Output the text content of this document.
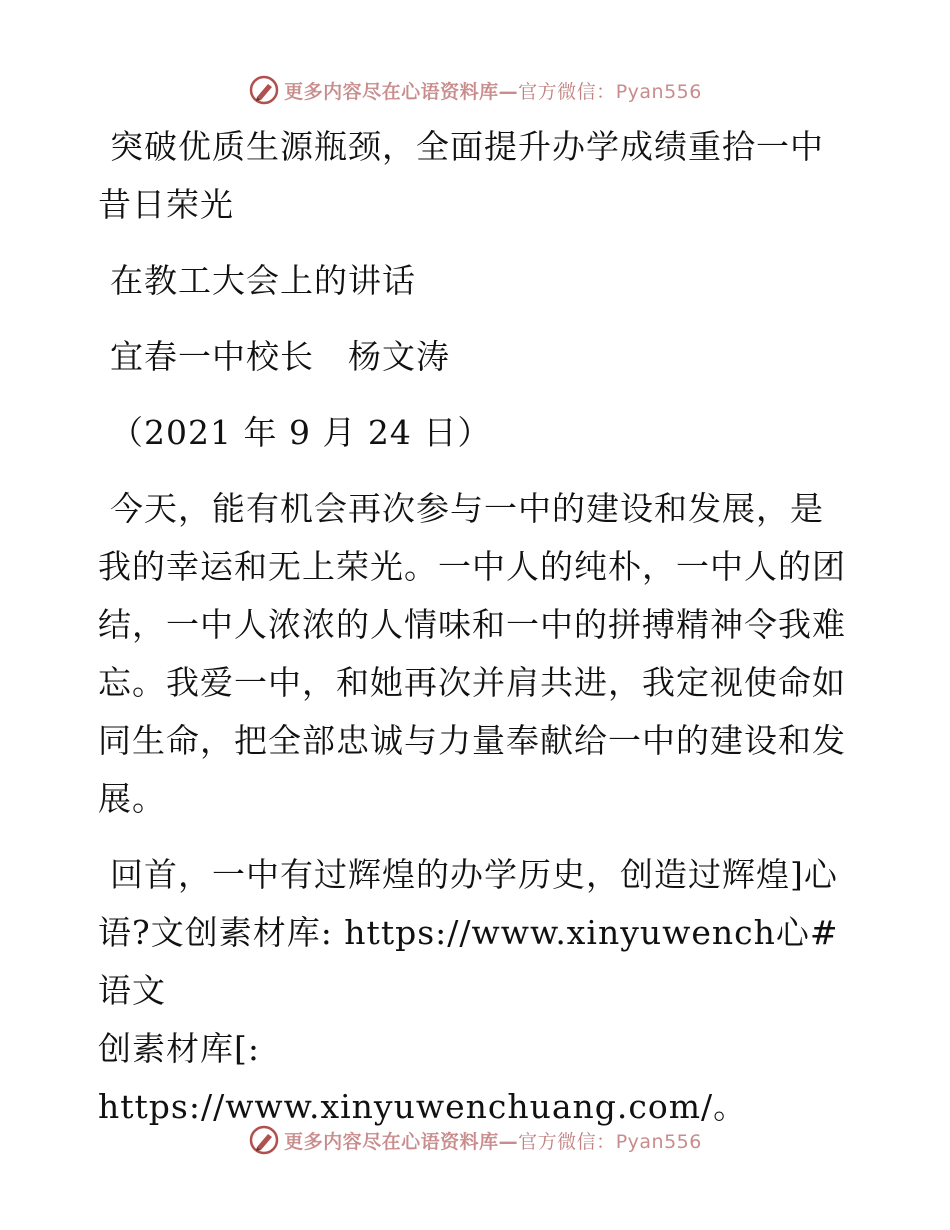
更多内容尽在心语资料库—官方微信：Pyan556
突破优质生源瓶颈，全面提升办学成绩重拾一中
昔日荣光
在教工大会上的讲话
宜春一中校长　杨文涛
（2021 年 9 月 24 日）
今天，能有机会再次参与一中的建设和发展，是
我的幸运和无上荣光。一中人的纯朴，一中人的团
结，一中人浓浓的人情味和一中的拼搏精神令我难
忘。我爱一中，和她再次并肩共进，我定视使命如
同生命，把全部忠诚与力量奉献给一中的建设和发
展。
回首，一中有过辉煌的办学历史，创造过辉煌]心
语?文创素材库: https://www.xinyuwench心#语文
创素材库[: https://www.xinyuwenchuang.com/。
更多内容尽在心语资料库—官方微信：Pyan556
